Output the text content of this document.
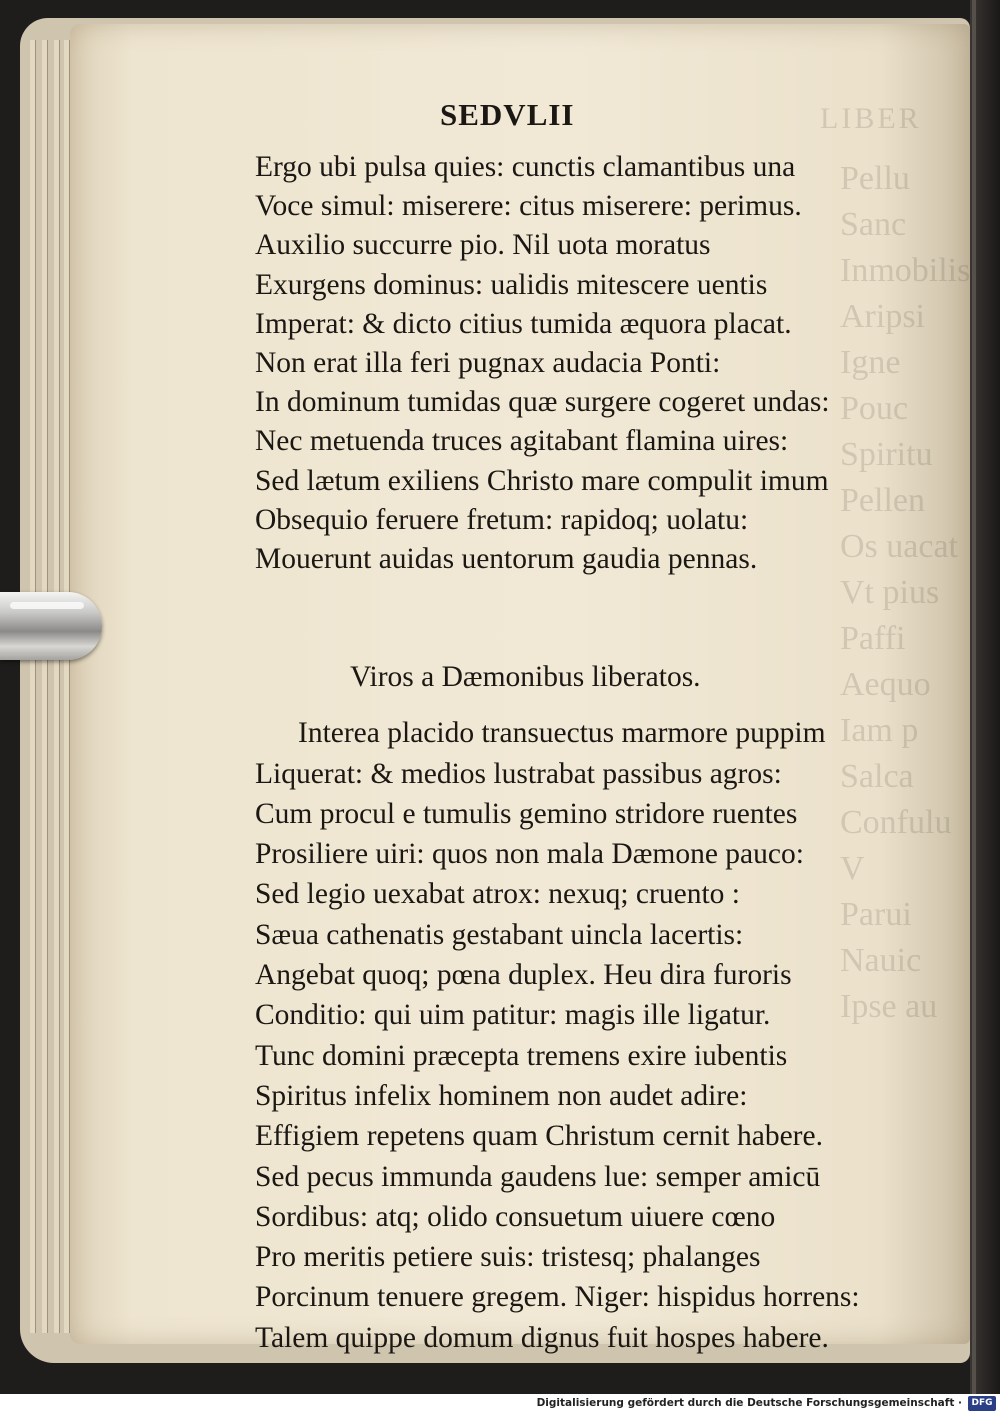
LIBER
Pellu
Sanc
Inmobilis
Aripsi
Igne
Pouc
Spiritu
Pellen
Os uacat
Vt pius
Paffi
Aequo
Iam p
Salca
Confulu
V
Parui
Nauic
Ipse au
SEDVLII
Ergo ubi pulsa quies: cunctis clamantibus una
Voce simul: miserere: citus miserere: perimus.
Auxilio succurre pio. Nil uota moratus
Exurgens dominus: ualidis mitescere uentis
Imperat: & dicto citius tumida æquora placat.
Non erat illa feri pugnax audacia Ponti:
In dominum tumidas quæ surgere cogeret undas:
Nec metuenda truces agitabant flamina uires:
Sed lætum exiliens Christo mare compulit imum
Obsequio feruere fretum: rapidoq; uolatu:
Mouerunt auidas uentorum gaudia pennas.
Viros a Dæmonibus liberatos.
Interea placido transuectus marmore puppim
Liquerat: & medios lustrabat passibus agros:
Cum procul e tumulis gemino stridore ruentes
Prosiliere uiri: quos non mala Dæmone pauco:
Sed legio uexabat atrox: nexuq; cruento :
Sæua cathenatis gestabant uincla lacertis:
Angebat quoq; pœna duplex. Heu dira furoris
Conditio: qui uim patitur: magis ille ligatur.
Tunc domini præcepta tremens exire iubentis
Spiritus infelix hominem non audet adire:
Effigiem repetens quam Christum cernit habere.
Sed pecus immunda gaudens lue: semper amicū
Sordibus: atq; olido consuetum uiuere cœno
Pro meritis petiere suis: tristesq; phalanges
Porcinum tenuere gregem. Niger: hispidus horrens:
Talem quippe domum dignus fuit hospes habere.
Digitalisierung gefördert durch die Deutsche Forschungsgemeinschaft ·	DFG
